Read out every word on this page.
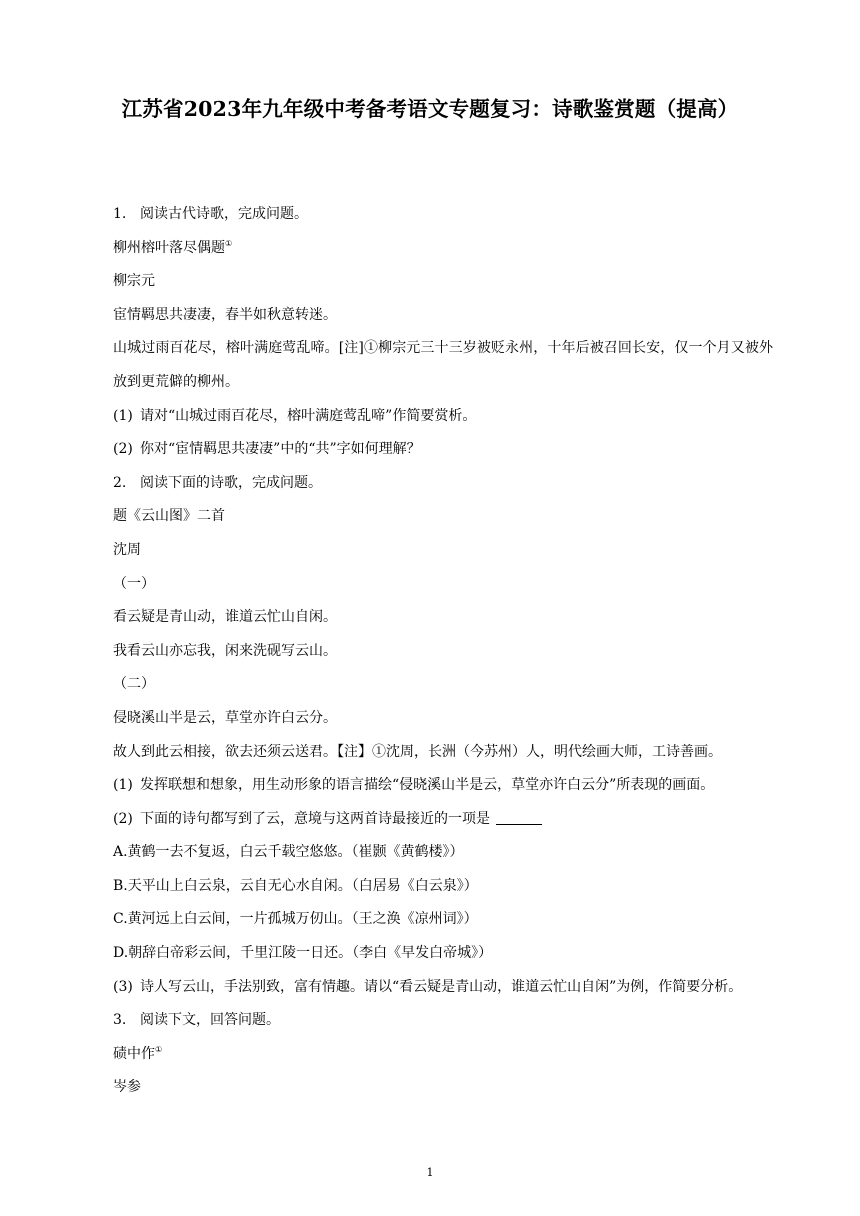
江苏省2023年九年级中考备考语文专题复习：诗歌鉴赏题（提高）
1. 阅读古代诗歌，完成问题。
柳州榕叶落尽偶题①
柳宗元
宦情羁思共凄凄，春半如秋意转迷。
山城过雨百花尽，榕叶满庭莺乱啼。[注]①柳宗元三十三岁被贬永州，十年后被召回长安，仅一个月又被外放到更荒僻的柳州。
(1) 请对“山城过雨百花尽，榕叶满庭莺乱啼”作简要赏析。
(2) 你对“宦情羁思共凄凄”中的“共”字如何理解？
2. 阅读下面的诗歌，完成问题。
题《云山图》二首
沈周
（一）
看云疑是青山动，谁道云忙山自闲。
我看云山亦忘我，闲来洗砚写云山。
（二）
侵晓溪山半是云，草堂亦许白云分。
故人到此云相接，欲去还须云送君。【注】①沈周，长洲（今苏州）人，明代绘画大师，工诗善画。
(1) 发挥联想和想象，用生动形象的语言描绘“侵晓溪山半是云，草堂亦许白云分”所表现的画面。
(2) 下面的诗句都写到了云，意境与这两首诗最接近的一项是
A.黄鹤一去不复返，白云千载空悠悠。（崔颢《黄鹤楼》）
B.天平山上白云泉，云自无心水自闲。（白居易《白云泉》）
C.黄河远上白云间，一片孤城万仞山。（王之涣《凉州词》）
D.朝辞白帝彩云间，千里江陵一日还。（李白《早发白帝城》）
(3) 诗人写云山，手法别致，富有情趣。请以“看云疑是青山动，谁道云忙山自闲”为例，作简要分析。
3. 阅读下文，回答问题。
碛中作①
岑参
1
